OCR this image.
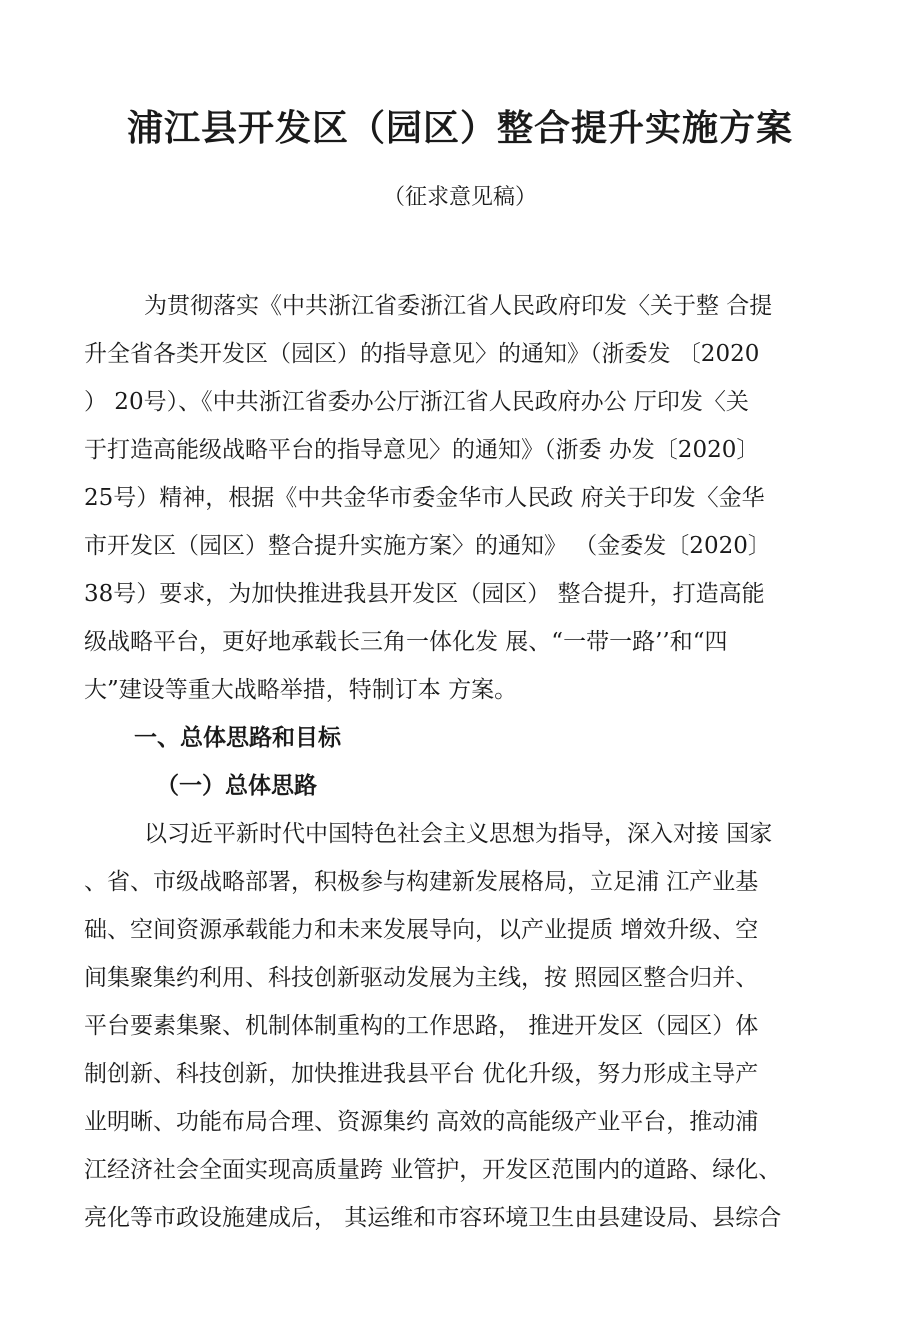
浦江县开发区（园区）整合提升实施方案
（征求意见稿）
为贯彻落实《中共浙江省委浙江省人民政府印发〈关于整 合提
升全省各类开发区（园区）的指导意见〉的通知》（浙委发 〔2020
） 20号）、《中共浙江省委办公厅浙江省人民政府办公 厅印发〈关
于打造高能级战略平台的指导意见〉的通知》（浙委 办发〔2020〕
25号）精神，根据《中共金华市委金华市人民政 府关于印发〈金华
市开发区（园区）整合提升实施方案〉的通知》 （金委发〔2020〕
38号）要求，为加快推进我县开发区（园区） 整合提升，打造高能
级战略平台，更好地承载长三角一体化发 展、“一带一路’’和“四
大”建设等重大战略举措，特制订本 方案。
一、总体思路和目标
（一）总体思路
以习近平新时代中国特色社会主义思想为指导，深入对接 国家
、省、市级战略部署，积极参与构建新发展格局，立足浦 江产业基
础、空间资源承载能力和未来发展导向，以产业提质 增效升级、空
间集聚集约利用、科技创新驱动发展为主线，按 照园区整合归并、
平台要素集聚、机制体制重构的工作思路， 推进开发区（园区）体
制创新、科技创新，加快推进我县平台 优化升级，努力形成主导产
业明晰、功能布局合理、资源集约 高效的高能级产业平台，推动浦
江经济社会全面实现高质量跨 业管护，开发区范围内的道路、绿化、
亮化等市政设施建成后， 其运维和市容环境卫生由县建设局、县综合
